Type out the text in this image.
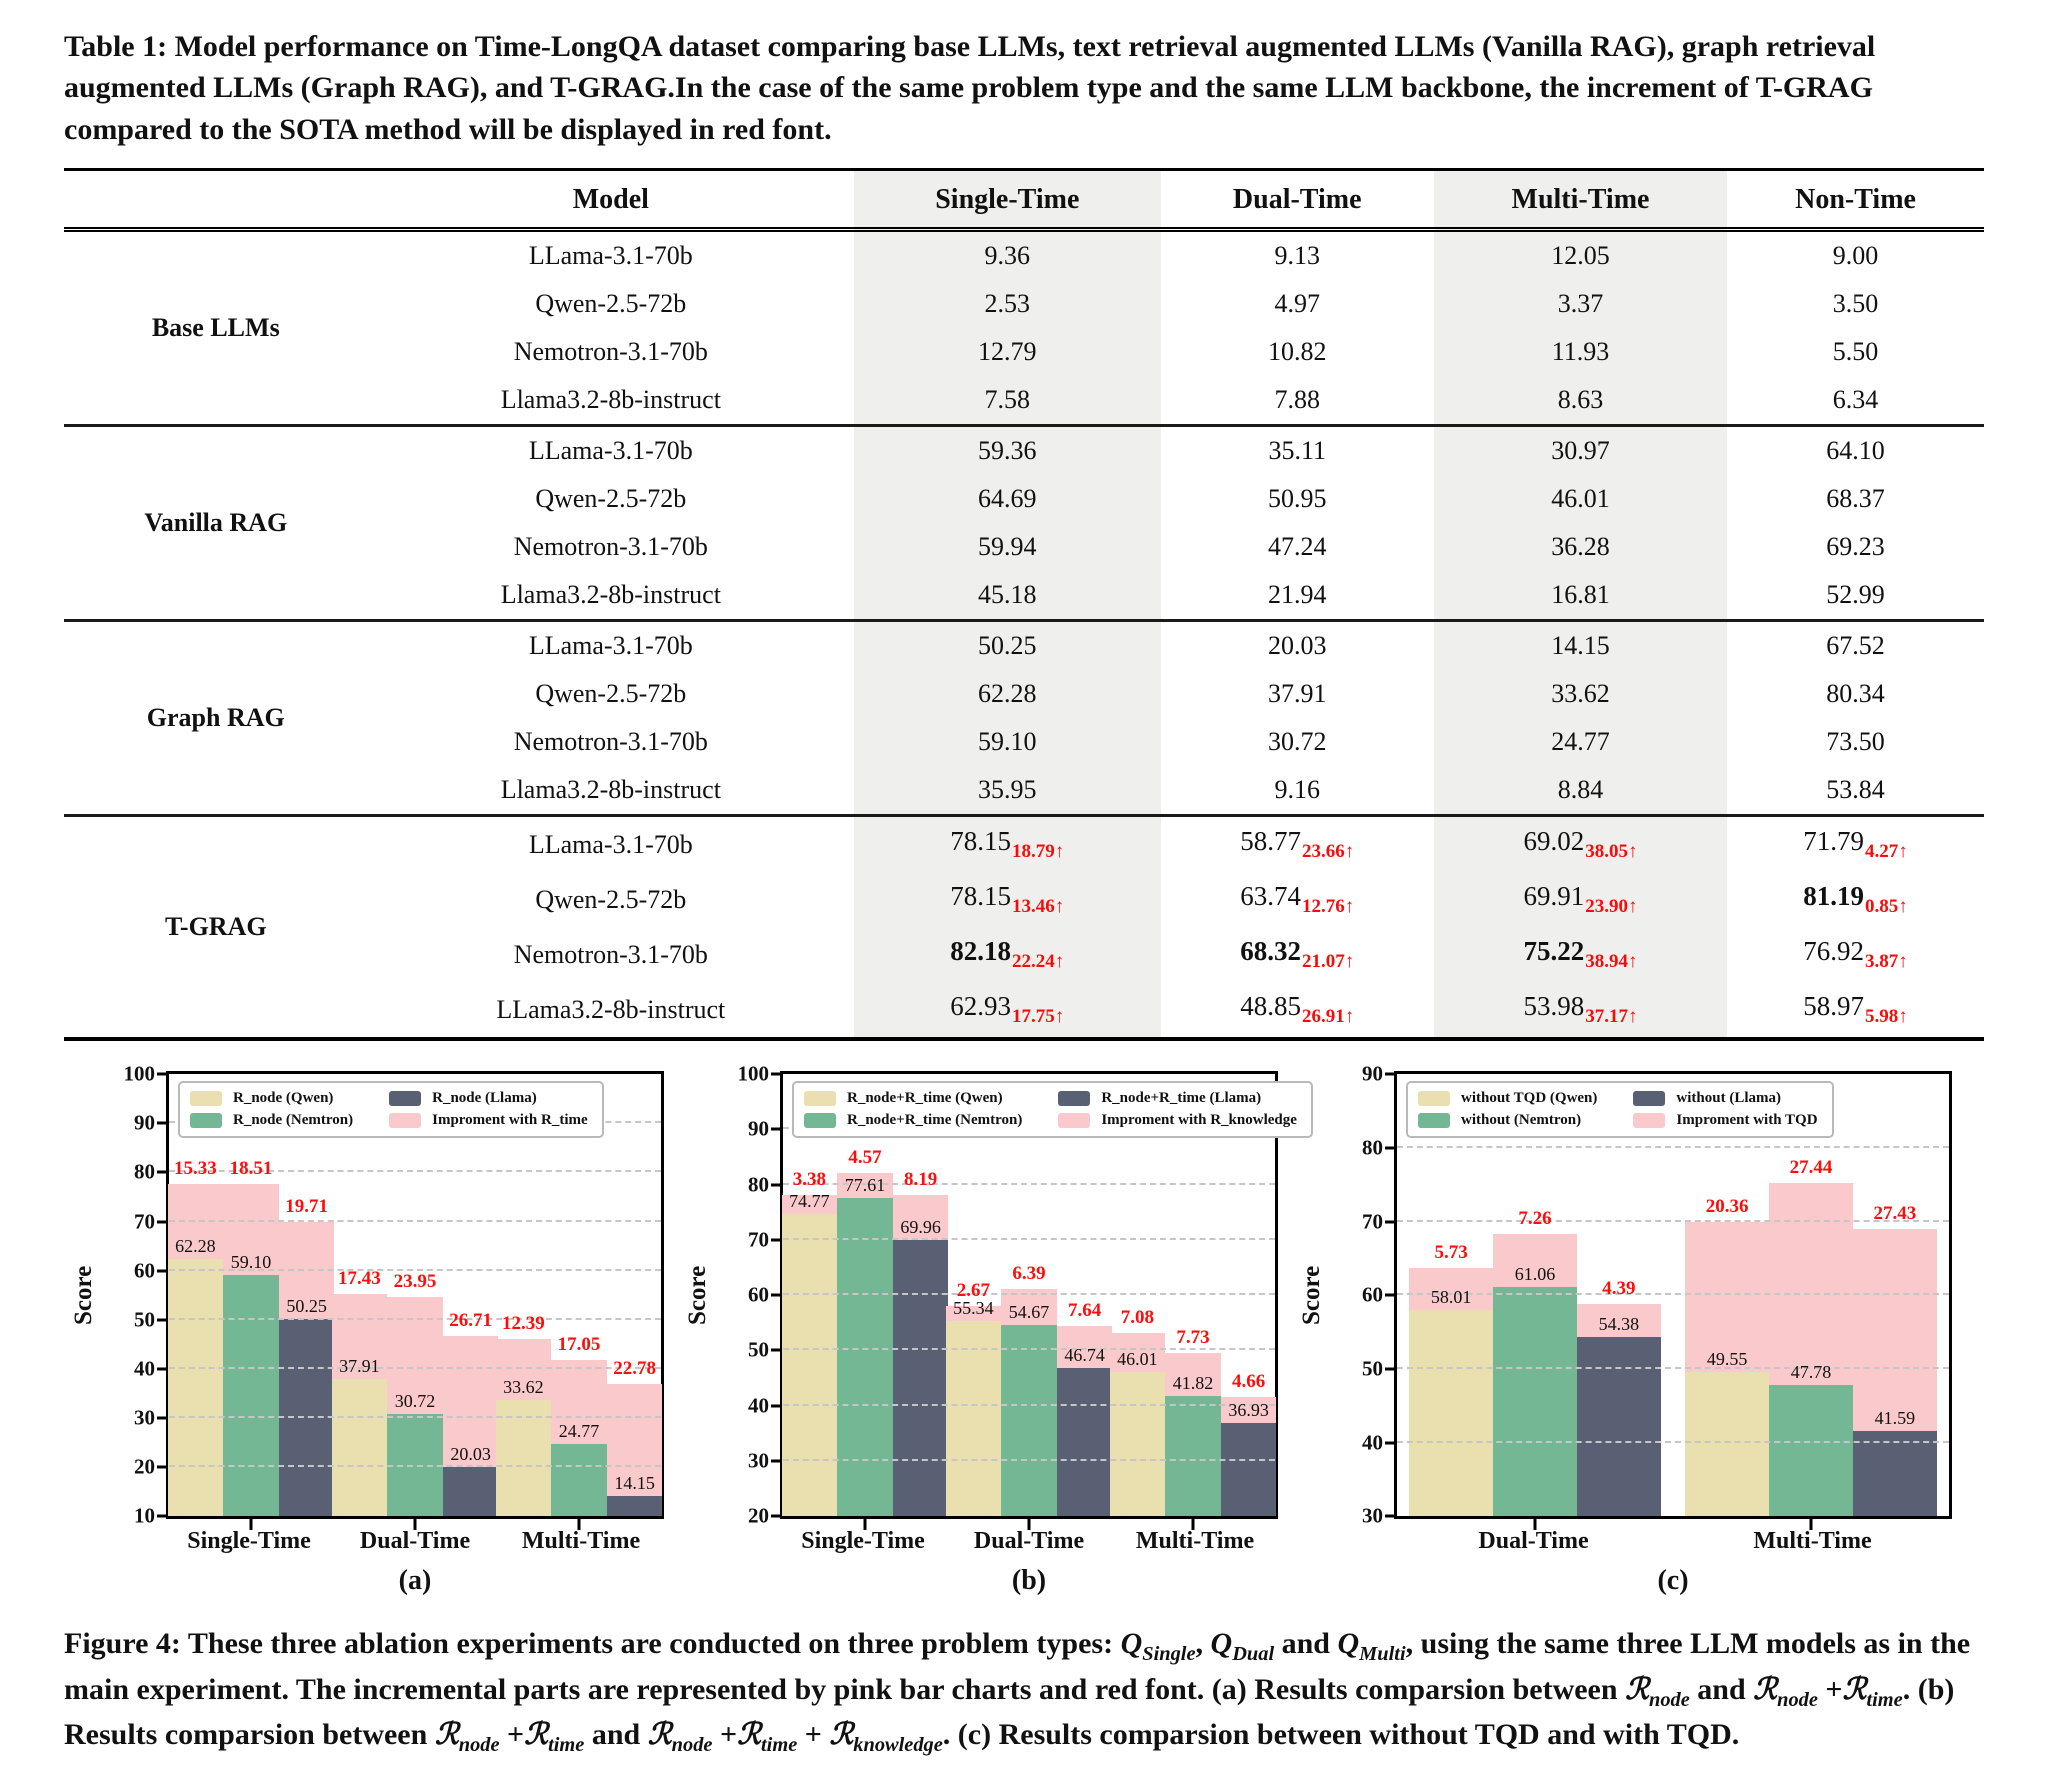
Table 1: Model performance on Time-LongQA dataset comparing base LLMs, text retrieval augmented LLMs (Vanilla RAG), graph retrieval augmented LLMs (Graph RAG), and T-GRAG.In the case of the same problem type and the same LLM backbone, the increment of T-GRAG compared to the SOTA method will be displayed in red font.

	Model	Single-Time	Dual-Time	Multi-Time	Non-Time
Base LLMs	LLama-3.1-70b	9.36	9.13	12.05	9.00
	Qwen-2.5-72b	2.53	4.97	3.37	3.50
	Nemotron-3.1-70b	12.79	10.82	11.93	5.50
	Llama3.2-8b-instruct	7.58	7.88	8.63	6.34
Vanilla RAG	LLama-3.1-70b	59.36	35.11	30.97	64.10
	Qwen-2.5-72b	64.69	50.95	46.01	68.37
	Nemotron-3.1-70b	59.94	47.24	36.28	69.23
	Llama3.2-8b-instruct	45.18	21.94	16.81	52.99
Graph RAG	LLama-3.1-70b	50.25	20.03	14.15	67.52
	Qwen-2.5-72b	62.28	37.91	33.62	80.34
	Nemotron-3.1-70b	59.10	30.72	24.77	73.50
	Llama3.2-8b-instruct	35.95	9.16	8.84	53.84
T-GRAG	LLama-3.1-70b	$78.15_{18.79↑}$	$58.77_{23.66↑}$	$69.02_{38.05↑}$	$71.79_{4.27↑}$
	Qwen-2.5-72b	$78.15_{13.46↑}$	$63.74_{12.76↑}$	$69.91_{23.90↑}$	$81.19_{0.85↑}$
	Nemotron-3.1-70b	$82.18_{22.24↑}$	$68.32_{21.07↑}$	$75.22_{38.94↑}$	$76.92_{3.87↑}$
	LLama3.2-8b-instruct	$62.93_{17.75↑}$	$48.85_{26.91↑}$	$53.98_{37.17↑}$	$58.97_{5.98↑}$
Score
10
20
30
40
50
60
70
80
90
100
62.28
15.33
59.10
18.51
50.25
19.71
37.91
17.43
30.72
23.95
20.03
26.71
33.62
12.39
24.77
17.05
14.15
22.78
R_node (Qwen)
R_node (Nemtron)
R_node (Llama)
Improment with R_time
Single-Time Dual-Time Multi-Time
(a)
Score
20
30
40
50
60
70
80
90
100
74.77
3.38 77.61
4.57
69.96
8.19
55.34
2.67
54.67
6.39
46.74
7.64
46.01
7.08
41.82
7.73
36.93
4.66
R_node+R_time (Qwen)
R_node+R_time (Nemtron)
R_node+R_time (Llama)
Improment with R_knowledge
Single-Time Dual-Time Multi-Time
(b)
Score
30
40
50
60
70
80
90
58.01
5.73
61.06
7.26
54.38
4.39
49.55
20.36
47.78
27.44
41.59
27.43
without TQD (Qwen)
without (Nemtron)
without (Llama)
Improment with TQD
Dual-Time	Multi-Time
(c)

Figure 4: These three ablation experiments are conducted on three problem types: $Q_{Single}$, $Q_{Dual}$ and $Q_{Multi}$, using the same three LLM models as in the main experiment. The incremental parts are represented by pink bar charts and red font. (a) Results comparsion between ℛ$_{node}$ and ℛ$_{node}$ +ℛ$_{time}$. (b) Results comparsion between ℛ$_{node}$ +ℛ$_{time}$ and ℛ$_{node}$ +ℛ$_{time}$ + ℛ$_{knowledge}$. (c) Results comparsion between without TQD and with TQD.
